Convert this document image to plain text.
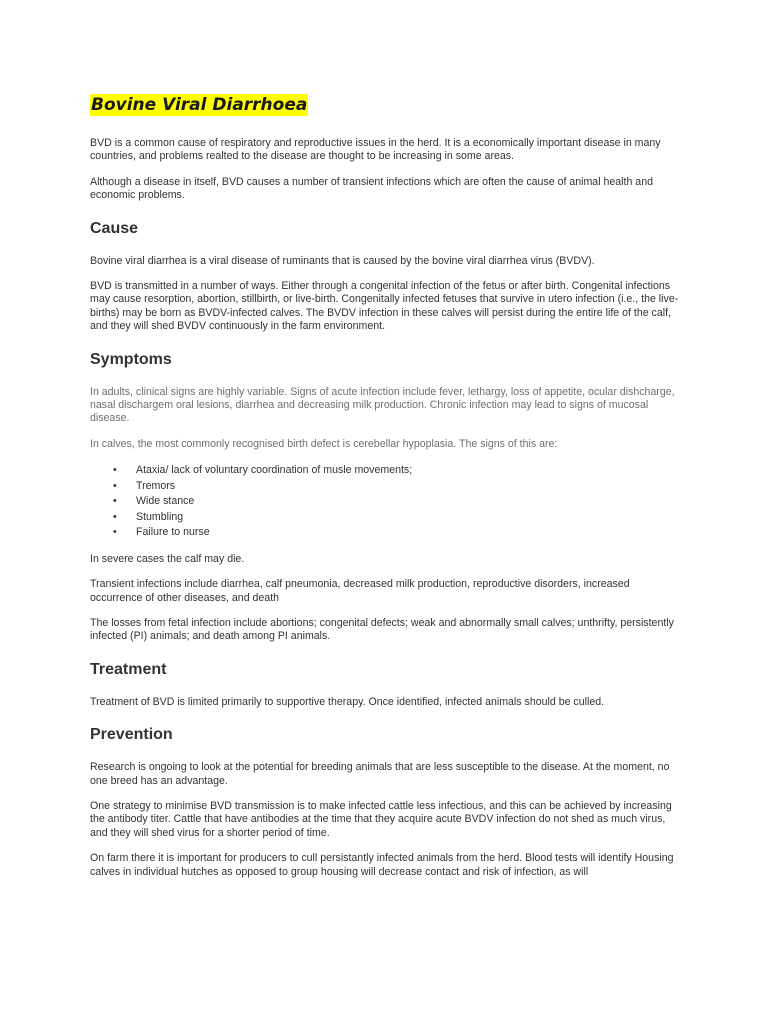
Bovine Viral Diarrhoea

BVD is a common cause of respiratory and reproductive issues in the herd. It is a economically important disease in many countries, and problems realted to the disease are thought to be increasing in some areas.

Although a disease in itself, BVD causes a number of transient infections which are often the cause of animal health and economic problems.

Cause

Bovine viral diarrhea is a viral disease of ruminants that is caused by the bovine viral diarrhea virus (BVDV).

BVD is transmitted in a number of ways. Either through a congenital infection of the fetus or after birth. Congenital infections may cause resorption, abortion, stillbirth, or live-birth. Congenitally infected fetuses that survive in utero infection (i.e., the live-births) may be born as BVDV-infected calves. The BVDV infection in these calves will persist during the entire life of the calf, and they will shed BVDV continuously in the farm environment.

Symptoms

In adults, clinical signs are highly variable. Signs of acute infection include fever, lethargy, loss of appetite, ocular dishcharge, nasal dischargem oral lesions, diarrhea and decreasing milk production. Chronic infection may lead to signs of mucosal disease.

In calves, the most commonly recognised birth defect is cerebellar hypoplasia. The signs of this are:

• Ataxia/ lack of voluntary coordination of musle movements;
• Tremors
• Wide stance
• Stumbling
• Failure to nurse

In severe cases the calf may die.

Transient infections include diarrhea, calf pneumonia, decreased milk production, reproductive disorders, increased occurrence of other diseases, and death

The losses from fetal infection include abortions; congenital defects; weak and abnormally small calves; unthrifty, persistently infected (PI) animals; and death among PI animals.

Treatment

Treatment of BVD is limited primarily to supportive therapy. Once identified, infected animals should be culled.

Prevention

Research is ongoing to look at the potential for breeding animals that are less susceptible to the disease. At the moment, no one breed has an advantage.

One strategy to minimise BVD transmission is to make infected cattle less infectious, and this can be achieved by increasing the antibody titer. Cattle that have antibodies at the time that they acquire acute BVDV infection do not shed as much virus, and they will shed virus for a shorter period of time.

On farm there it is important for producers to cull persistantly infected animals from the herd. Blood tests will identify Housing calves in individual hutches as opposed to group housing will decrease contact and risk of infection, as will
